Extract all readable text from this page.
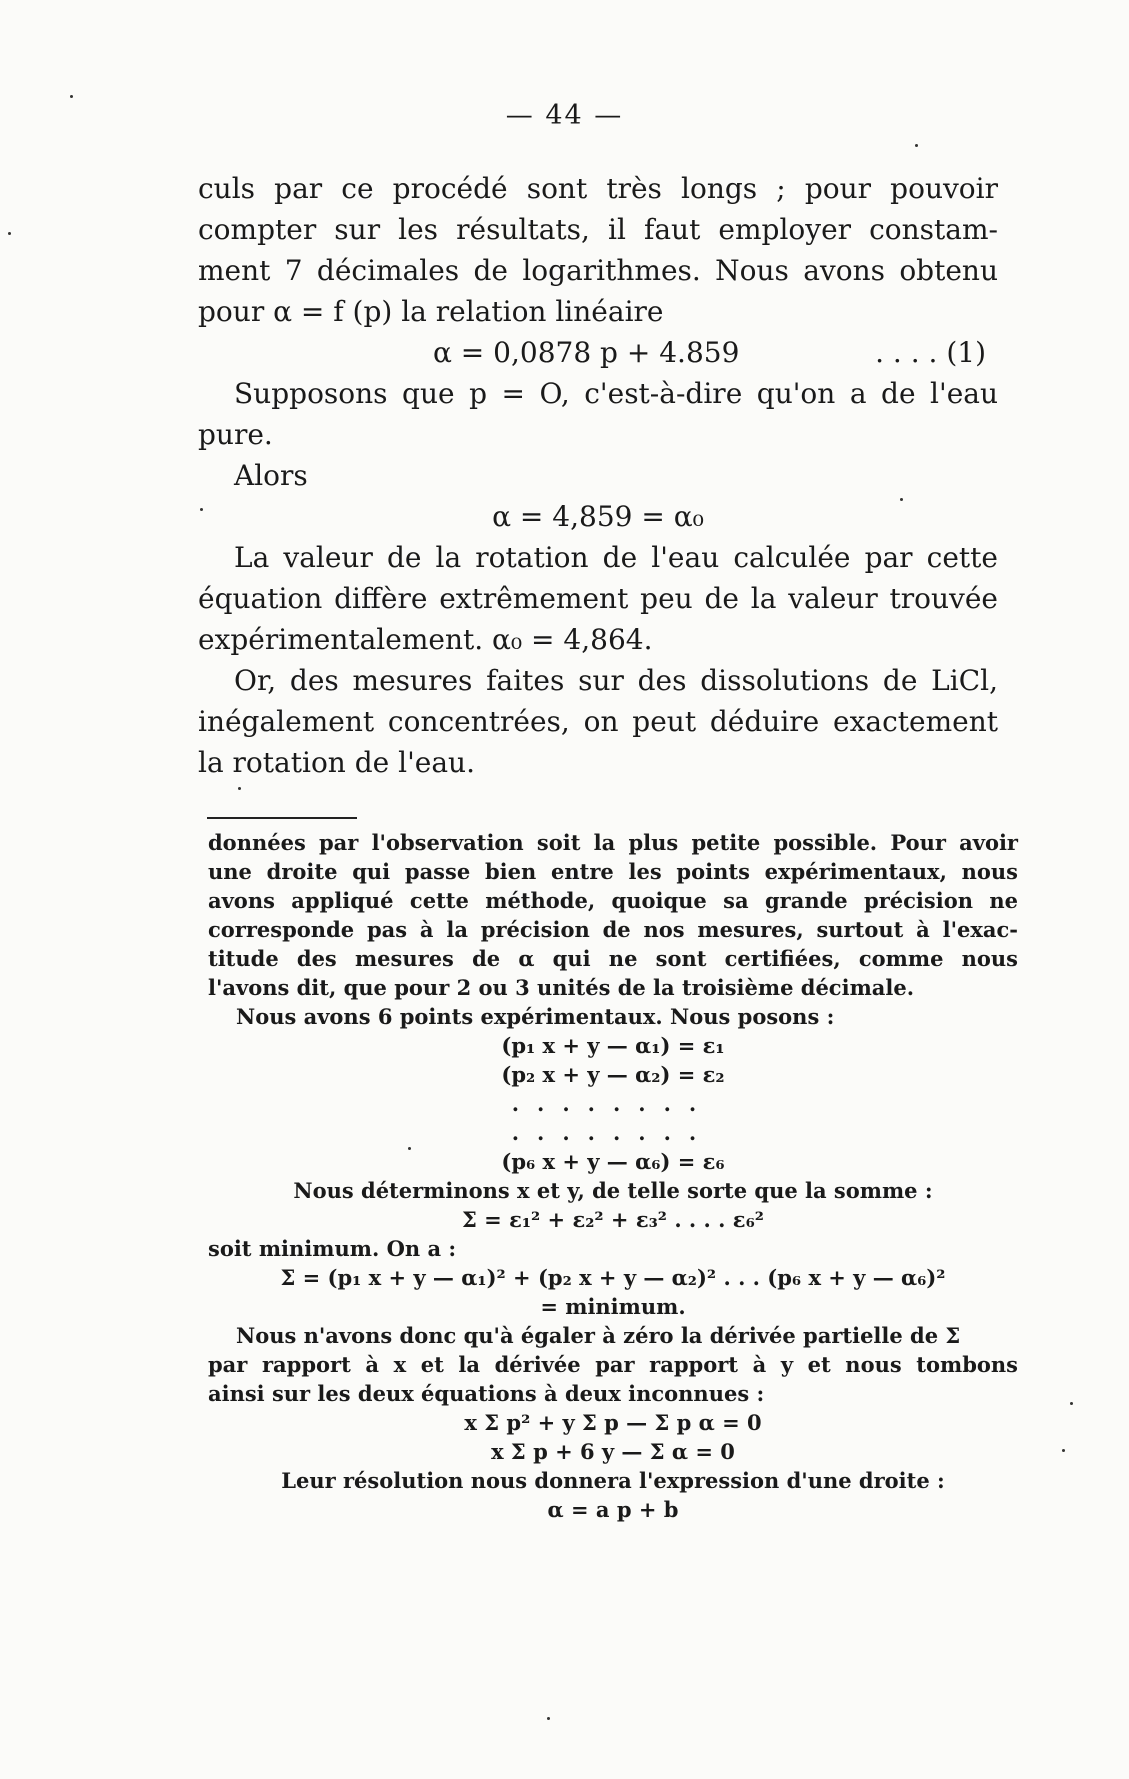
— 44 —
culs par ce procédé sont très longs ; pour pouvoir
compter sur les résultats, il faut employer constam-
ment 7 décimales de logarithmes. Nous avons obtenu
pour α = f (p) la relation linéaire
α = 0,0878 p + 4.859	. . . . (1)
Supposons que p = O, c'est-à-dire qu'on a de l'eau
pure.
Alors
α = 4,859 = α₀
La valeur de la rotation de l'eau calculée par cette
équation diffère extrêmement peu de la valeur trouvée
expérimentalement. α₀ = 4,864.
Or, des mesures faites sur des dissolutions de LiCl,
inégalement concentrées, on peut déduire exactement
la rotation de l'eau.
données par l'observation soit la plus petite possible. Pour avoir
une droite qui passe bien entre les points expérimentaux, nous
avons appliqué cette méthode, quoique sa grande précision ne
corresponde pas à la précision de nos mesures, surtout à l'exac-
titude des mesures de α qui ne sont certifiées, comme nous
l'avons dit, que pour 2 ou 3 unités de la troisième décimale.
Nous avons 6 points expérimentaux. Nous posons :
(p₁ x + y — α₁) = ε₁
(p₂ x + y — α₂) = ε₂
........
........
(p₆ x + y — α₆) = ε₆
Nous déterminons x et y, de telle sorte que la somme :
Σ = ε₁² + ε₂² + ε₃² . . . . ε₆²
soit minimum. On a :
Σ = (p₁ x + y — α₁)² + (p₂ x + y — α₂)² . . . (p₆ x + y — α₆)²
= minimum.
Nous n'avons donc qu'à égaler à zéro la dérivée partielle de Σ
par rapport à x et la dérivée par rapport à y et nous tombons
ainsi sur les deux équations à deux inconnues :
x Σ p² + y Σ p — Σ p α = 0
x Σ p + 6 y — Σ α = 0
Leur résolution nous donnera l'expression d'une droite :
α = a p + b
